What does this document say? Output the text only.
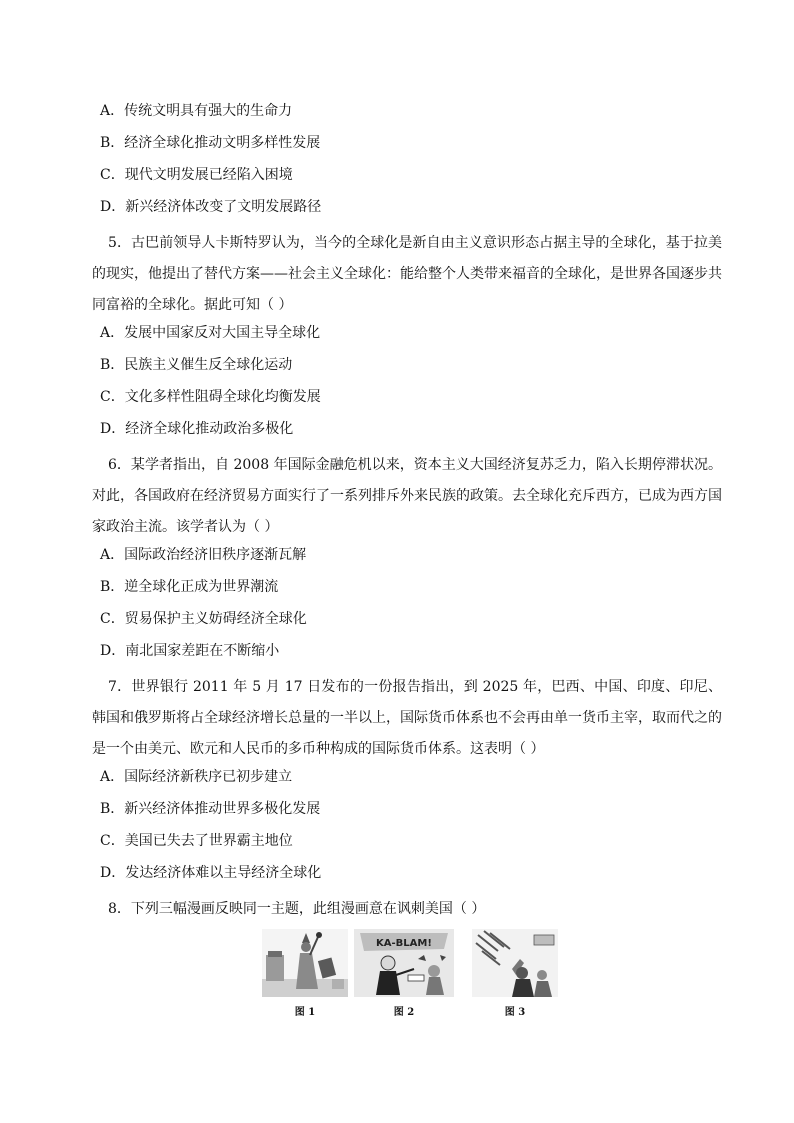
A．传统文明具有强大的生命力
B．经济全球化推动文明多样性发展
C．现代文明发展已经陷入困境
D．新兴经济体改变了文明发展路径
5．古巴前领导人卡斯特罗认为，当今的全球化是新自由主义意识形态占据主导的全球化，基于拉美的现实，他提出了替代方案——社会主义全球化：能给整个人类带来福音的全球化，是世界各国逐步共同富裕的全球化。据此可知（ ）
A．发展中国家反对大国主导全球化
B．民族主义催生反全球化运动
C．文化多样性阻碍全球化均衡发展
D．经济全球化推动政治多极化
6．某学者指出，自 2008 年国际金融危机以来，资本主义大国经济复苏乏力，陷入长期停滞状况。对此，各国政府在经济贸易方面实行了一系列排斥外来民族的政策。去全球化充斥西方，已成为西方国家政治主流。该学者认为（ ）
A．国际政治经济旧秩序逐渐瓦解
B．逆全球化正成为世界潮流
C．贸易保护主义妨碍经济全球化
D．南北国家差距在不断缩小
7．世界银行 2011 年 5 月 17 日发布的一份报告指出，到 2025 年，巴西、中国、印度、印尼、韩国和俄罗斯将占全球经济增长总量的一半以上，国际货币体系也不会再由单一货币主宰，取而代之的是一个由美元、欧元和人民币的多币种构成的国际货币体系。这表明（ ）
A．国际经济新秩序已初步建立
B．新兴经济体推动世界多极化发展
C．美国已失去了世界霸主地位
D．发达经济体难以主导经济全球化
8．下列三幅漫画反映同一主题，此组漫画意在讽刺美国（ ）
图 1
KA-BLAM!
图 2	图 3
